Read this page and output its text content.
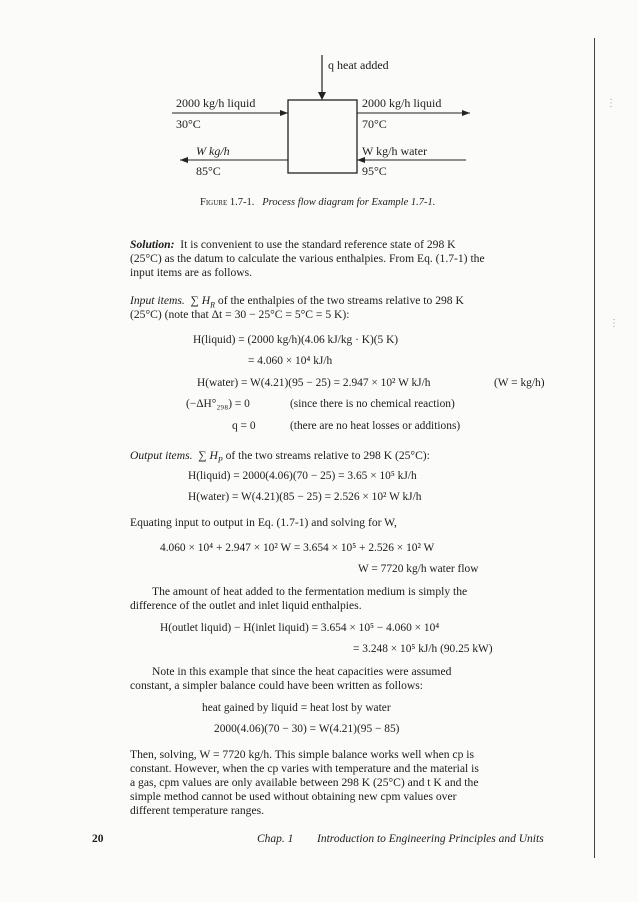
q heat added
2000 kg/h liquid
30°C
2000 kg/h liquid
70°C
W kg/h
85°C
W kg/h water
95°C
Figure 1.7-1. Process flow diagram for Example 1.7-1.
Solution: It is convenient to use the standard reference state of 298 K
(25°C) as the datum to calculate the various enthalpies. From Eq. (1.7-1) the
input items are as follows.
Input items. ∑ $H_R$ of the enthalpies of the two streams relative to 298 K
(25°C) (note that Δt = 30 − 25°C = 5°C = 5 K):
H(liquid) = (2000 kg/h)(4.06 kJ/kg · K)(5 K)
= 4.060 × 10⁴ kJ/h
H(water) = W(4.21)(95 − 25) = 2.947 × 10² W kJ/h	(W = kg/h)
(−ΔH°₂₉₈) = 0	(since there is no chemical reaction)
q = 0	(there are no heat losses or additions)
Output items. ∑ $H_P$ of the two streams relative to 298 K (25°C):
H(liquid) = 2000(4.06)(70 − 25) = 3.65 × 10⁵ kJ/h
H(water) = W(4.21)(85 − 25) = 2.526 × 10² W kJ/h
Equating input to output in Eq. (1.7-1) and solving for W,
4.060 × 10⁴ + 2.947 × 10² W = 3.654 × 10⁵ + 2.526 × 10² W
W = 7720 kg/h water flow
The amount of heat added to the fermentation medium is simply the
difference of the outlet and inlet liquid enthalpies.
H(outlet liquid) − H(inlet liquid) = 3.654 × 10⁵ − 4.060 × 10⁴
= 3.248 × 10⁵ kJ/h (90.25 kW)
Note in this example that since the heat capacities were assumed
constant, a simpler balance could have been written as follows:
heat gained by liquid = heat lost by water
2000(4.06)(70 − 30) = W(4.21)(95 − 85)
Then, solving, W = 7720 kg/h. This simple balance works well when cp is
constant. However, when the cp varies with temperature and the material is
a gas, cpm values are only available between 298 K (25°C) and t K and the
simple method cannot be used without obtaining new cpm values over
different temperature ranges.
20	Chap. 1 Introduction to Engineering Principles and Units
⋮
⋮
